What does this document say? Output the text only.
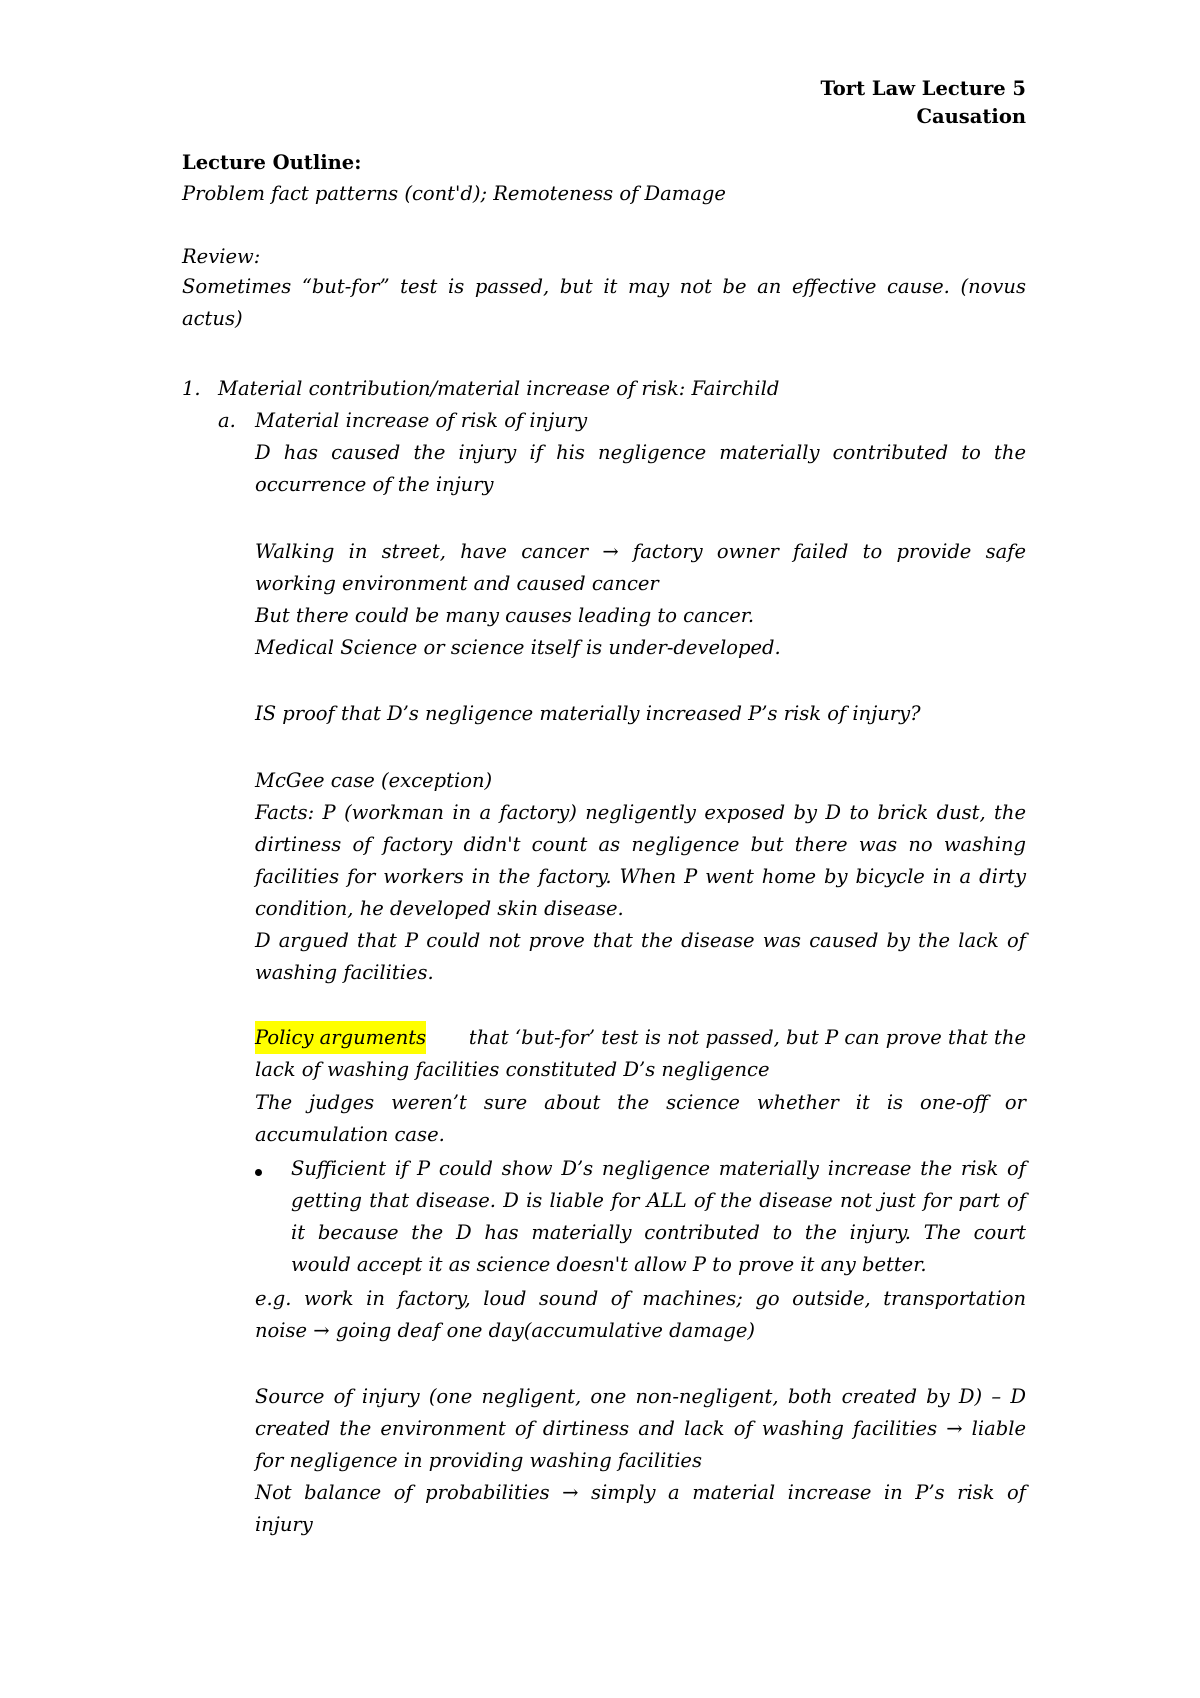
Tort Law Lecture 5
Causation
Lecture Outline:
Problem fact patterns (cont'd); Remoteness of Damage
Review:
Sometimes “but-for” test is passed, but it may not be an effective cause. (novus
actus)
1. Material contribution/material increase of risk: Fairchild
a. Material increase of risk of injury
D has caused the injury if his negligence materially contributed to the
occurrence of the injury
Walking in street, have cancer → factory owner failed to provide safe
working environment and caused cancer
But there could be many causes leading to cancer.
Medical Science or science itself is under-developed.
IS proof that D’s negligence materially increased P’s risk of injury?
McGee case (exception)
Facts: P (workman in a factory) negligently exposed by D to brick dust, the
dirtiness of factory didn't count as negligence but there was no washing
facilities for workers in the factory. When P went home by bicycle in a dirty
condition, he developed skin disease.
D argued that P could not prove that the disease was caused by the lack of
washing facilities.
Policy arguments that ‘but-for’ test is not passed, but P can prove that the
lack of washing facilities constituted D’s negligence
The judges weren’t sure about the science whether it is one-off or
accumulation case.
Sufficient if P could show D’s negligence materially increase the risk of
getting that disease. D is liable for ALL of the disease not just for part of
it because the D has materially contributed to the injury. The court
would accept it as science doesn't allow P to prove it any better.
e.g. work in factory, loud sound of machines; go outside, transportation
noise → going deaf one day(accumulative damage)
Source of injury (one negligent, one non-negligent, both created by D) – D
created the environment of dirtiness and lack of washing facilities → liable
for negligence in providing washing facilities
Not balance of probabilities → simply a material increase in P’s risk of
injury
